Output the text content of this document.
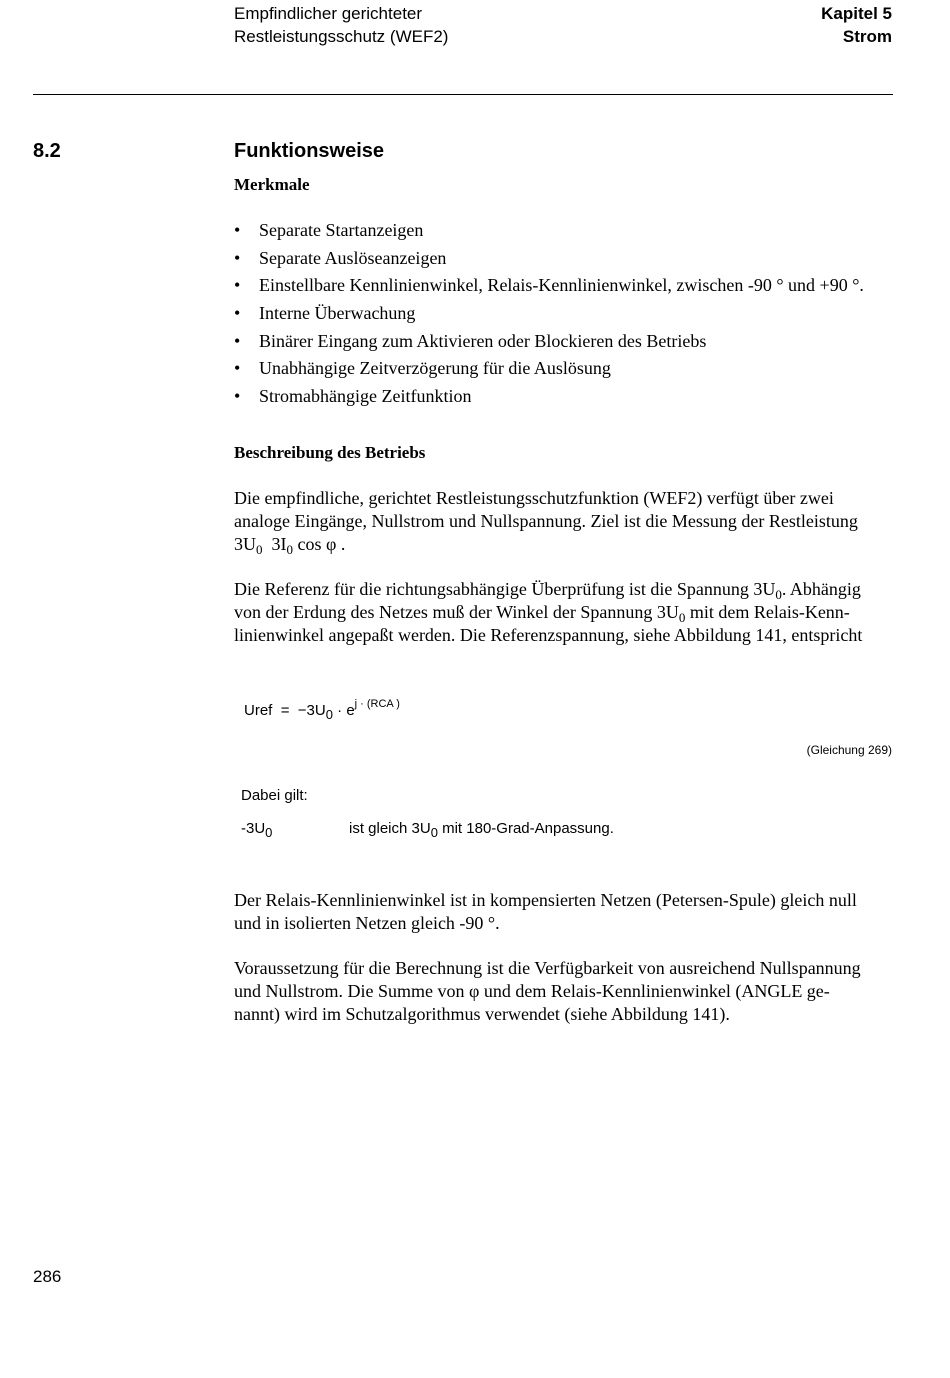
Empfindlicher gerichteter
Restleistungsschutz (WEF2)
Kapitel 5
Strom
8.2	Funktionsweise
Merkmale
• Separate Startanzeigen
• Separate Auslöseanzeigen
• Einstellbare Kennlinienwinkel, Relais-Kennlinienwinkel, zwischen -90 ° und +90 °.
• Interne Überwachung
• Binärer Eingang zum Aktivieren oder Blockieren des Betriebs
• Unabhängige Zeitverzögerung für die Auslösung
• Stromabhängige Zeitfunktion
Beschreibung des Betriebs
Die empfindliche, gerichtet Restleistungsschutzfunktion (WEF2) verfügt über zwei
analoge Eingänge, Nullstrom und Nullspannung. Ziel ist die Messung der Restleistung
$3U_0$ $3I_0$ cos φ .
Die Referenz für die richtungsabhängige Überprüfung ist die Spannung $3U_0$. Abhängig
von der Erdung des Netzes muß der Winkel der Spannung $3U_0$ mit dem Relais-Kenn-
linienwinkel angepaßt werden. Die Referenzspannung, siehe Abbildung 141, entspricht
Uref = $-3U_0 \cdot e^{j \cdot (RCA )}$
(Gleichung 269)
Dabei gilt:
$-3U_0$	ist gleich $3U_0$ mit 180-Grad-Anpassung.
Der Relais-Kennlinienwinkel ist in kompensierten Netzen (Petersen-Spule) gleich null
und in isolierten Netzen gleich -90 °.
Voraussetzung für die Berechnung ist die Verfügbarkeit von ausreichend Nullspannung
und Nullstrom. Die Summe von φ und dem Relais-Kennlinienwinkel (ANGLE ge-
nannt) wird im Schutzalgorithmus verwendet (siehe Abbildung 141).
286
